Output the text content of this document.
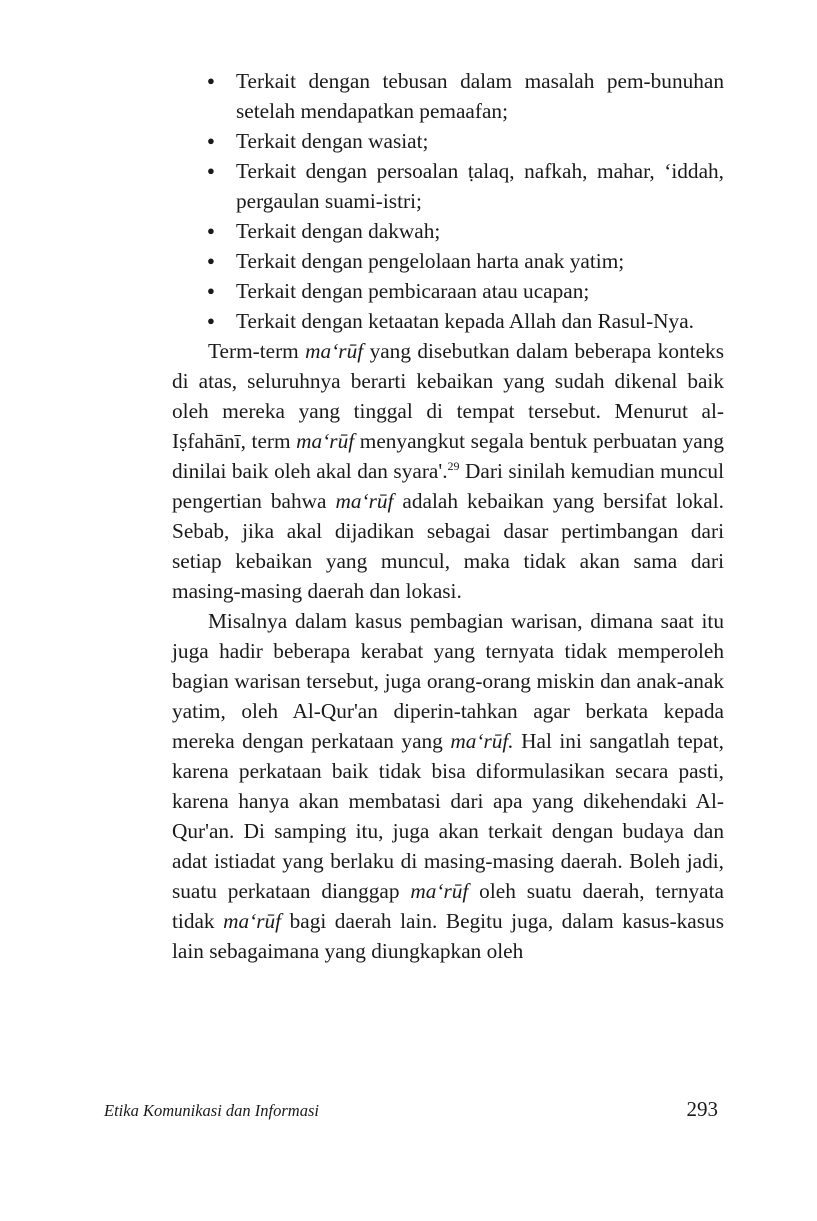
● Terkait dengan tebusan dalam masalah pem-bunuhan setelah mendapatkan pemaafan;
● Terkait dengan wasiat;
● Terkait dengan persoalan ṭalaq, nafkah, mahar, ‘iddah, pergaulan suami-istri;
● Terkait dengan dakwah;
● Terkait dengan pengelolaan harta anak yatim;
● Terkait dengan pembicaraan atau ucapan;
● Terkait dengan ketaatan kepada Allah dan Rasul-Nya.

Term-term ma‘rūf yang disebutkan dalam beberapa konteks di atas, seluruhnya berarti kebaikan yang sudah dikenal baik oleh mereka yang tinggal di tempat tersebut. Menurut al-Iṣfahānī, term ma‘rūf menyangkut segala bentuk perbuatan yang dinilai baik oleh akal dan syara'.$^{29}$ Dari sinilah kemudian muncul pengertian bahwa ma‘rūf adalah kebaikan yang bersifat lokal. Sebab, jika akal dijadikan sebagai dasar pertimbangan dari setiap kebaikan yang muncul, maka tidak akan sama dari masing-masing daerah dan lokasi.

Misalnya dalam kasus pembagian warisan, dimana saat itu juga hadir beberapa kerabat yang ternyata tidak memperoleh bagian warisan tersebut, juga orang-orang miskin dan anak-anak yatim, oleh Al-Qur'an diperin-tahkan agar berkata kepada mereka dengan perkataan yang ma‘rūf. Hal ini sangatlah tepat, karena perkataan baik tidak bisa diformulasikan secara pasti, karena hanya akan membatasi dari apa yang dikehendaki Al-Qur'an. Di samping itu, juga akan terkait dengan budaya dan adat istiadat yang berlaku di masing-masing daerah. Boleh jadi, suatu perkataan dianggap ma‘rūf oleh suatu daerah, ternyata tidak ma‘rūf bagi daerah lain. Begitu juga, dalam kasus-kasus lain sebagaimana yang diungkapkan oleh

Etika Komunikasi dan Informasi	293
